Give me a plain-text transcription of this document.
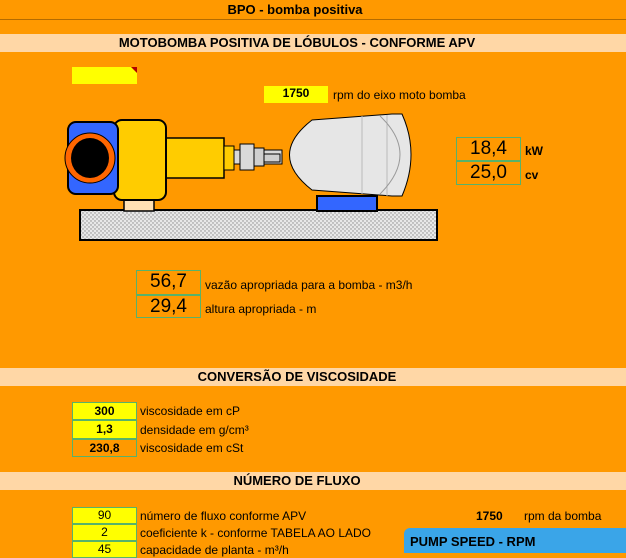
BPO - bomba positiva
MOTOBOMBA POSITIVA DE LÓBULOS - CONFORME APV
1750	rpm do eixo moto bomba
18,4	kW
25,0	cv
56,7	vazão apropriada para a bomba - m3/h
29,4	altura apropriada - m
CONVERSÃO DE VISCOSIDADE
300	viscosidade em cP
1,3	densidade em g/cm³
230,8	viscosidade em cSt
NÚMERO DE FLUXO
90	número de fluxo conforme APV
2	coeficiente k - conforme TABELA AO LADO
45	capacidade de planta - m³/h
1750 rpm da bomba
PUMP SPEED - RPM
